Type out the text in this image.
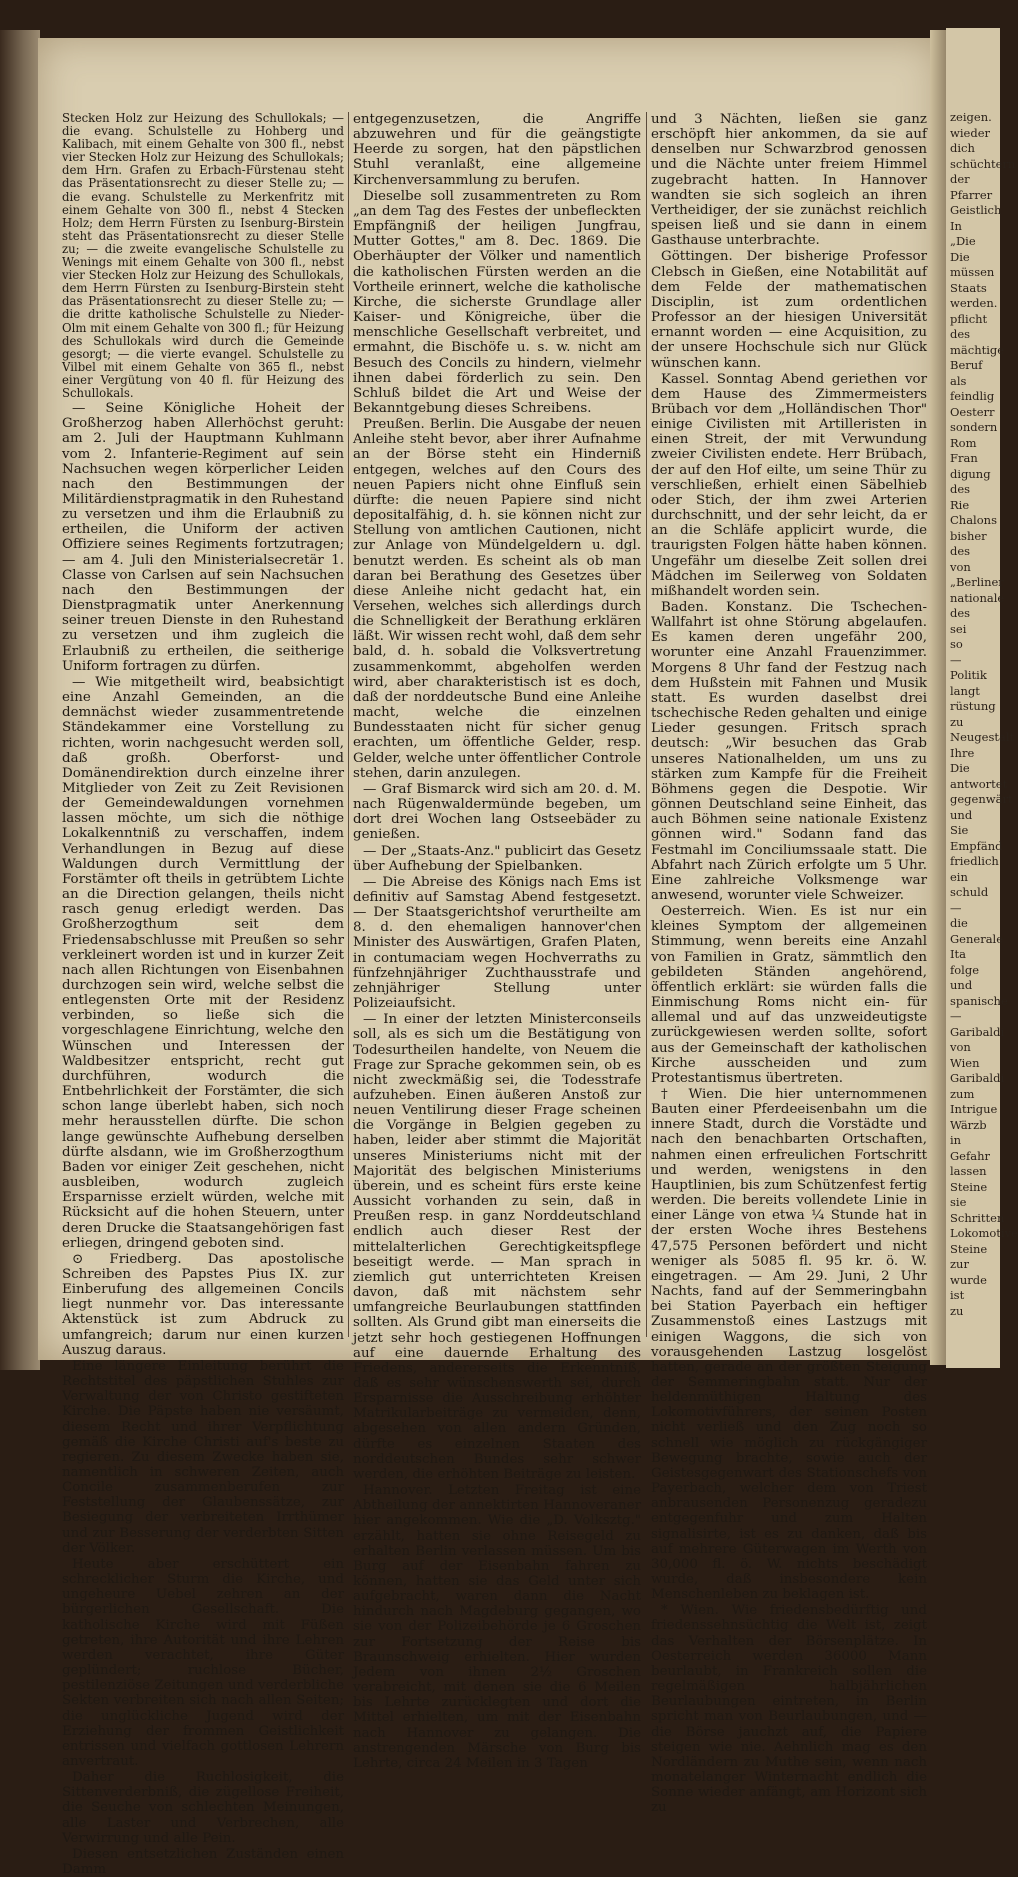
zeigen.
wieder
dich
schüchtern
der
Pfarrer
Geistlich
In
„Die
Die
müssen
Staats
werden.
pflicht
des
mächtige
Beruf
als
feindlig
Oesterr
sondern
Rom
Fran
digung
des
Rie
Chalons
bisher
des
von
„Berliner
nationale
des
sei
so
—
Politik
langt
rüstung
zu
Neugestalt
Ihre
Die
antwortet
gegenwärt
und
Sie
Empfänd
friedlich
ein
schuld
—
die
Generale
Ita
folge
und
spanische
—
Garibaldi
von
Wien
Garibaldi
zum
Intrigue
Wärzb
in
Gefahr
lassen
Steine
sie
Schritten
Lokomotive
Steine
zur
wurde
ist
zu

Stecken Holz zur Heizung des Schullokals; — die evang. Schulstelle zu Hohberg und Kalibach, mit einem Gehalte von 300 fl., nebst vier Stecken Holz zur Heizung des Schullokals; dem Hrn. Grafen zu Erbach-Fürstenau steht das Präsentationsrecht zu dieser Stelle zu; — die evang. Schulstelle zu Merkenfritz mit einem Gehalte von 300 fl., nebst 4 Stecken Holz; dem Herrn Fürsten zu Isenburg-Birstein steht das Präsentationsrecht zu dieser Stelle zu; — die zweite evangelische Schulstelle zu Wenings mit einem Gehalte von 300 fl., nebst vier Stecken Holz zur Heizung des Schullokals, dem Herrn Fürsten zu Isenburg-Birstein steht das Präsentationsrecht zu dieser Stelle zu; — die dritte katholische Schulstelle zu Nieder-Olm mit einem Gehalte von 300 fl.; für Heizung des Schullokals wird durch die Gemeinde gesorgt; — die vierte evangel. Schulstelle zu Vilbel mit einem Gehalte von 365 fl., nebst einer Vergütung von 40 fl. für Heizung des Schullokals.

— Seine Königliche Hoheit der Großherzog haben Allerhöchst geruht: am 2. Juli der Hauptmann Kuhlmann vom 2. Infanterie-Regiment auf sein Nachsuchen wegen körperlicher Leiden nach den Bestimmungen der Militärdienstpragmatik in den Ruhestand zu versetzen und ihm die Erlaubniß zu ertheilen, die Uniform der activen Offiziere seines Regiments fortzutragen; — am 4. Juli den Ministerialsecretär 1. Classe von Carlsen auf sein Nachsuchen nach den Bestimmungen der Dienstpragmatik unter Anerkennung seiner treuen Dienste in den Ruhestand zu versetzen und ihm zugleich die Erlaubniß zu ertheilen, die seitherige Uniform fortragen zu dürfen.

— Wie mitgetheilt wird, beabsichtigt eine Anzahl Gemeinden, an die demnächst wieder zusammentretende Ständekammer eine Vorstellung zu richten, worin nachgesucht werden soll, daß großh. Oberforst- und Domänendirektion durch einzelne ihrer Mitglieder von Zeit zu Zeit Revisionen der Gemeindewaldungen vornehmen lassen möchte, um sich die nöthige Lokalkenntniß zu verschaffen, indem Verhandlungen in Bezug auf diese Waldungen durch Vermittlung der Forstämter oft theils in getrübtem Lichte an die Direction gelangen, theils nicht rasch genug erledigt werden. Das Großherzogthum seit dem Friedensabschlusse mit Preußen so sehr verkleinert worden ist und in kurzer Zeit nach allen Richtungen von Eisenbahnen durchzogen sein wird, welche selbst die entlegensten Orte mit der Residenz verbinden, so ließe sich die vorgeschlagene Einrichtung, welche den Wünschen und Interessen der Waldbesitzer entspricht, recht gut durchführen, wodurch die Entbehrlichkeit der Forstämter, die sich schon lange überlebt haben, sich noch mehr herausstellen dürfte. Die schon lange gewünschte Aufhebung derselben dürfte alsdann, wie im Großherzogthum Baden vor einiger Zeit geschehen, nicht ausbleiben, wodurch zugleich Ersparnisse erzielt würden, welche mit Rücksicht auf die hohen Steuern, unter deren Drucke die Staatsangehörigen fast erliegen, dringend geboten sind.

⊙ Friedberg. Das apostolische Schreiben des Papstes Pius IX. zur Einberufung des allgemeinen Concils liegt nunmehr vor. Das interessante Aktenstück ist zum Abdruck zu umfangreich; darum nur einen kurzen Auszug daraus.

Eine längere Einleitung berührt die Rechtstitel des päpstlichen Stuhles zur Verwaltung der von Christo gestifteten Kirche. Die Päpste haben nie versäumt, diesem Recht und ihrer Verpflichtung gemäß die Kirche Christi auf's beste zu regieren. Zu diesem Zwecke haben sie, namentlich in schweren Zeiten, auch Concile zusammenberufen zur Feststellung der Glaubenssätze, zur Besiegung der verbreiteten Irrthümer und zur Besserung der verderbten Sitten der Völker.

Heute aber erschüttert ein schrecklicher Sturm die Kirche, und ungeheure Uebel zehren an der bürgerlichen Gesellschaft. Die katholische Kirche wird mit Füßen getreten, ihre Autorität und ihre Lehren werden verachtet, ihre Güter geplündert; ruchlose Bücher, pestilenziöse Zeitungen und verderbliche Sekten verbreiten sich nach allen Seiten; die unglückliche Jugend wird der Erziehung der frommen Geistlichkeit entrissen und vielfach gottlosen Lehrern anvertraut.

Daher die Ruchlosigkeit, die Sittenverderbniß, die zügellose Freiheit, die Seuche von schlechten Meinungen, alle Laster und Verbrechen, alle Verwirrung und alle Pein.

Diesen entsetzlichen Zuständen einen Damm

entgegenzusetzen, die Angriffe abzuwehren und für die geängstigte Heerde zu sorgen, hat den päpstlichen Stuhl veranlaßt, eine allgemeine Kirchenversammlung zu berufen.

Dieselbe soll zusammentreten zu Rom „an dem Tag des Festes der unbefleckten Empfängniß der heiligen Jungfrau, Mutter Gottes," am 8. Dec. 1869. Die Oberhäupter der Völker und namentlich die katholischen Fürsten werden an die Vortheile erinnert, welche die katholische Kirche, die sicherste Grundlage aller Kaiser- und Königreiche, über die menschliche Gesellschaft verbreitet, und ermahnt, die Bischöfe u. s. w. nicht am Besuch des Concils zu hindern, vielmehr ihnen dabei förderlich zu sein. Den Schluß bildet die Art und Weise der Bekanntgebung dieses Schreibens.

Preußen. Berlin. Die Ausgabe der neuen Anleihe steht bevor, aber ihrer Aufnahme an der Börse steht ein Hinderniß entgegen, welches auf den Cours des neuen Papiers nicht ohne Einfluß sein dürfte: die neuen Papiere sind nicht depositalfähig, d. h. sie können nicht zur Stellung von amtlichen Cautionen, nicht zur Anlage von Mündelgeldern u. dgl. benutzt werden. Es scheint als ob man daran bei Berathung des Gesetzes über diese Anleihe nicht gedacht hat, ein Versehen, welches sich allerdings durch die Schnelligkeit der Berathung erklären läßt. Wir wissen recht wohl, daß dem sehr bald, d. h. sobald die Volksvertretung zusammenkommt, abgeholfen werden wird, aber charakteristisch ist es doch, daß der norddeutsche Bund eine Anleihe macht, welche die einzelnen Bundesstaaten nicht für sicher genug erachten, um öffentliche Gelder, resp. Gelder, welche unter öffentlicher Controle stehen, darin anzulegen.

— Graf Bismarck wird sich am 20. d. M. nach Rügenwaldermünde begeben, um dort drei Wochen lang Ostseebäder zu genießen.

— Der „Staats-Anz." publicirt das Gesetz über Aufhebung der Spielbanken.

— Die Abreise des Königs nach Ems ist definitiv auf Samstag Abend festgesetzt. — Der Staatsgerichtshof verurtheilte am 8. d. den ehemaligen hannover'chen Minister des Auswärtigen, Grafen Platen, in contumaciam wegen Hochverraths zu fünfzehnjähriger Zuchthausstrafe und zehnjähriger Stellung unter Polizeiaufsicht.

— In einer der letzten Ministerconseils soll, als es sich um die Bestätigung von Todesurtheilen handelte, von Neuem die Frage zur Sprache gekommen sein, ob es nicht zweckmäßig sei, die Todesstrafe aufzuheben. Einen äußeren Anstoß zur neuen Ventilirung dieser Frage scheinen die Vorgänge in Belgien gegeben zu haben, leider aber stimmt die Majorität unseres Ministeriums nicht mit der Majorität des belgischen Ministeriums überein, und es scheint fürs erste keine Aussicht vorhanden zu sein, daß in Preußen resp. in ganz Norddeutschland endlich auch dieser Rest der mittelalterlichen Gerechtigkeitspflege beseitigt werde. — Man sprach in ziemlich gut unterrichteten Kreisen davon, daß mit nächstem sehr umfangreiche Beurlaubungen stattfinden sollten. Als Grund gibt man einerseits die jetzt sehr hoch gestiegenen Hoffnungen auf eine dauernde Erhaltung des Friedens, andererseits die Erkenntniß, daß es sehr wünschenswerth sei, durch Ersparnisse die Ausschreibung erhöhter Matrikularbeiträge zu vermeiden, denn, abgesehen von allen andern Gründen, dürfte es einzelnen Staaten des norddeutschen Bundes sehr schwer werden, die erhöhten Beiträge zu leisten.

Hannover. Letzten Freitag ist eine Abtheilung der annektirten Hannoveraner hier angekommen. Wie die „D. Volksztg." erzählt, hatten sie ohne Reisegeld zu erhalten Berlin verlassen müssen. Um bis Burg auf der Eisenbahn fahren zu können, hatten sie das Geld unter sich aufgebracht, waren dann die Nacht hindurch nach Magdeburg gegangen, wo sie von der Polizeibehörde je 6 Groschen zur Fortsetzung der Reise bis Braunschweig erhielten. Hier wurden Jedem von ihnen 2½ Groschen verabreicht, mit denen sie die 6 Meilen bis Lehrte zurücklegten und dort die Mittel erhielten, um mit der Eisenbahn nach Hannover zu gelangen. Die anstrengenden Märsche von Burg bis Lehrte, circa 24 Meilen in 3 Tagen

und 3 Nächten, ließen sie ganz erschöpft hier ankommen, da sie auf denselben nur Schwarzbrod genossen und die Nächte unter freiem Himmel zugebracht hatten. In Hannover wandten sie sich sogleich an ihren Vertheidiger, der sie zunächst reichlich speisen ließ und sie dann in einem Gasthause unterbrachte.

Göttingen. Der bisherige Professor Clebsch in Gießen, eine Notabilität auf dem Felde der mathematischen Disciplin, ist zum ordentlichen Professor an der hiesigen Universität ernannt worden — eine Acquisition, zu der unsere Hochschule sich nur Glück wünschen kann.

Kassel. Sonntag Abend geriethen vor dem Hause des Zimmermeisters Brübach vor dem „Holländischen Thor" einige Civilisten mit Artilleristen in einen Streit, der mit Verwundung zweier Civilisten endete. Herr Brübach, der auf den Hof eilte, um seine Thür zu verschließen, erhielt einen Säbelhieb oder Stich, der ihm zwei Arterien durchschnitt, und der sehr leicht, da er an die Schläfe applicirt wurde, die traurigsten Folgen hätte haben können. Ungefähr um dieselbe Zeit sollen drei Mädchen im Seilerweg von Soldaten mißhandelt worden sein.

Baden. Konstanz. Die Tschechen-Wallfahrt ist ohne Störung abgelaufen. Es kamen deren ungefähr 200, worunter eine Anzahl Frauenzimmer. Morgens 8 Uhr fand der Festzug nach dem Hußstein mit Fahnen und Musik statt. Es wurden daselbst drei tschechische Reden gehalten und einige Lieder gesungen. Fritsch sprach deutsch: „Wir besuchen das Grab unseres Nationalhelden, um uns zu stärken zum Kampfe für die Freiheit Böhmens gegen die Despotie. Wir gönnen Deutschland seine Einheit, das auch Böhmen seine nationale Existenz gönnen wird." Sodann fand das Festmahl im Conciliumssaale statt. Die Abfahrt nach Zürich erfolgte um 5 Uhr. Eine zahlreiche Volksmenge war anwesend, worunter viele Schweizer.

Oesterreich. Wien. Es ist nur ein kleines Symptom der allgemeinen Stimmung, wenn bereits eine Anzahl von Familien in Gratz, sämmtlich den gebildeten Ständen angehörend, öffentlich erklärt: sie würden falls die Einmischung Roms nicht ein- für allemal und auf das unzweideutigste zurückgewiesen werden sollte, sofort aus der Gemeinschaft der katholischen Kirche ausscheiden und zum Protestantismus übertreten.

† Wien. Die hier unternommenen Bauten einer Pferdeeisenbahn um die innere Stadt, durch die Vorstädte und nach den benachbarten Ortschaften, nahmen einen erfreulichen Fortschritt und werden, wenigstens in den Hauptlinien, bis zum Schützenfest fertig werden. Die bereits vollendete Linie in einer Länge von etwa ¼ Stunde hat in der ersten Woche ihres Bestehens 47,575 Personen befördert und nicht weniger als 5085 fl. 95 kr. ö. W. eingetragen. — Am 29. Juni, 2 Uhr Nachts, fand auf der Semmeringbahn bei Station Payerbach ein heftiger Zusammenstoß eines Lastzugs mit einigen Waggons, die sich von vorausgehenden Lastzug losgelöst hatten, gerade an der größten Steigung der Semmeringbahn statt. Nur der heldenmüthigen Haltung des Lokomotivführers, der seinen Posten nicht verließ und den Zug noch so schnell wie möglich zu rückgängiger Bewegung brachte, sowie auch der Geistesgegenwart des Stationschefs von Payerbach, welcher dem von Triest anbrausenden Personenzug geradezu entgegenfuhr und zum Halten signalisirte, ist es zu danken, daß bis auf mehrere Güterwagen im Werth von 30,000 fl. ö. W. nichts beschädigt wurde, daß insbesondere kein Menschenleben zu beklagen ist.

* Wien. Wie friedensbedürftig und friedenssehnsüchtig die Welt ist, zeigt das Verhalten der Börsenplätze. In Oesterreich werden 36000 Mann beurlaubt, in Frankreich sollen die regelmäßigen halbjährlichen Beurlaubungen eintreten, in Berlin spricht man von Beurlaubungen, und — die Börse jauchzt auf, die Papiere steigen wie nie. Aehnlich mag es den Nordländern zu Muthe sein, wenn nach monatelanger Winternacht endlich die Sonne wieder anfängt, am Horizont sich zu
